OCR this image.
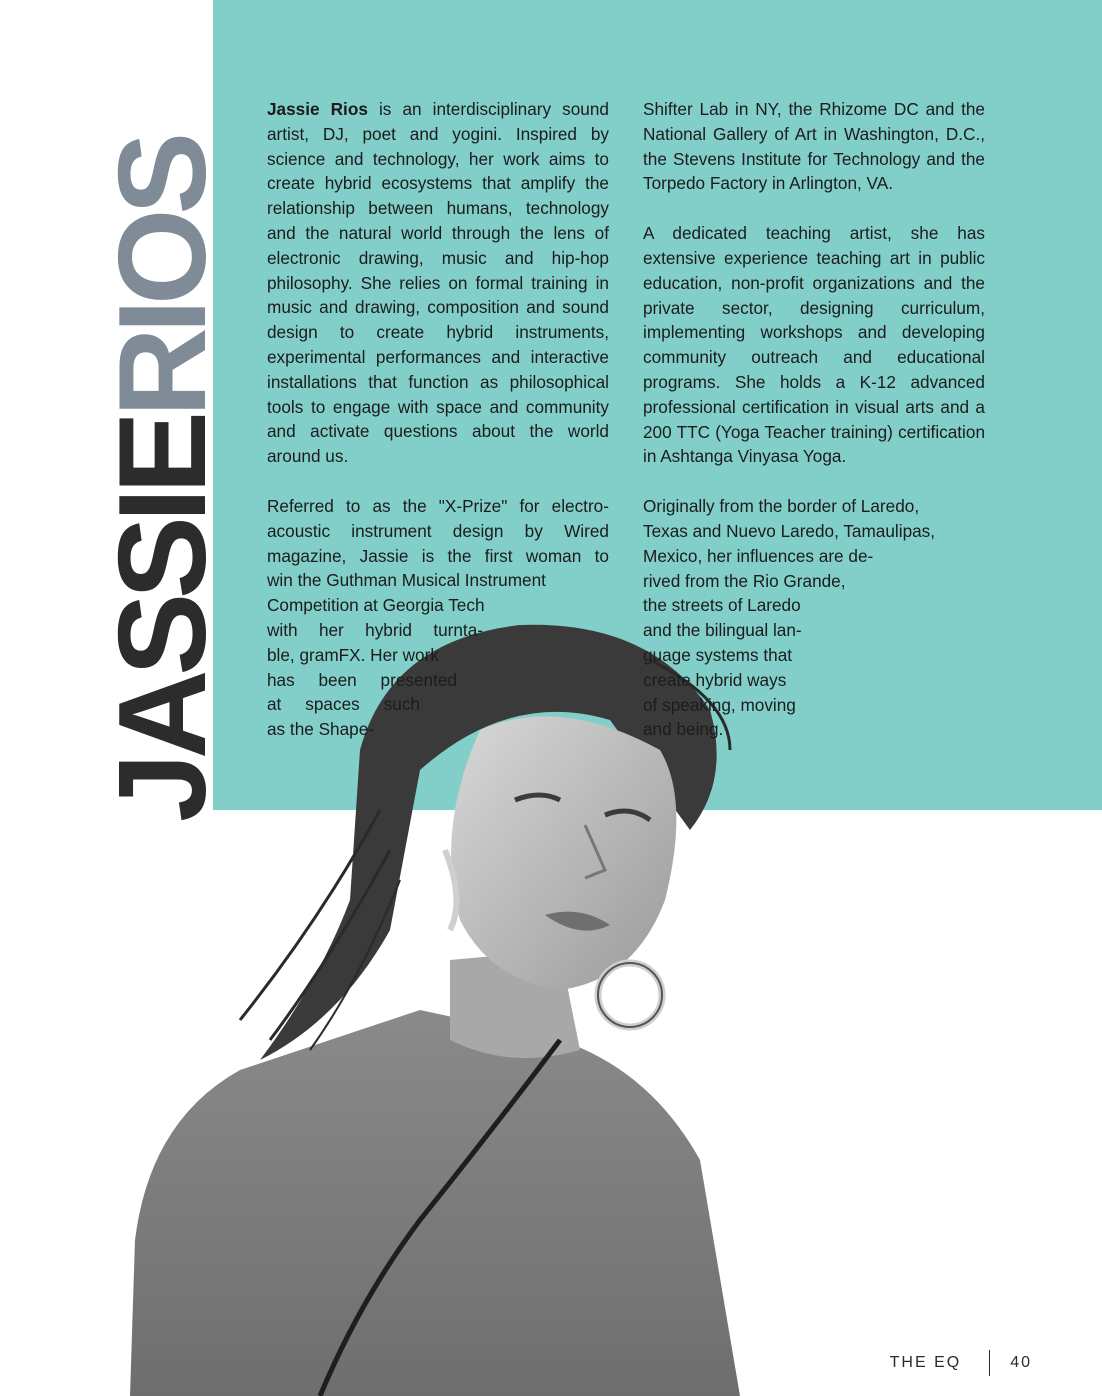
JASSIERIOS

Jassie Rios is an interdisciplinary sound artist, DJ, poet and yogini. Inspired by science and technology, her work aims to create hybrid ecosystems that amplify the relationship between humans, technology and the natural world through the lens of electronic drawing, music and hip-hop philosophy. She relies on formal training in music and drawing, composition and sound design to create hybrid instruments, experimental performances and interactive installations that function as philosophical tools to engage with space and community and activate questions about the world around us.

Referred to as the "X-Prize" for electro-
acoustic instrument design by Wired
magazine, Jassie is the first woman to
win the Guthman Musical Instrument
Competition at Georgia Tech
with her hybrid turnta-
ble, gramFX. Her work
has been presented
at spaces such
as the Shape-

Shifter Lab in NY, the Rhizome DC and the National Gallery of Art in Washington, D.C., the Stevens Institute for Technology and the Torpedo Factory in Arlington, VA.

A dedicated teaching artist, she has extensive experience teaching art in public education, non-profit organizations and the private sector, designing curriculum, implementing workshops and developing community outreach and educational programs. She holds a K-12 advanced professional certification in visual arts and a 200 TTC (Yoga Teacher training) certification in Ashtanga Vinyasa Yoga.

Originally from the border of Laredo,
Texas and Nuevo Laredo, Tamaulipas,
Mexico, her influences are de-
rived from the Rio Grande,
the streets of Laredo
and the bilingual lan-
guage systems that
create hybrid ways
of speaking, moving
and being.

THE EQ	40
